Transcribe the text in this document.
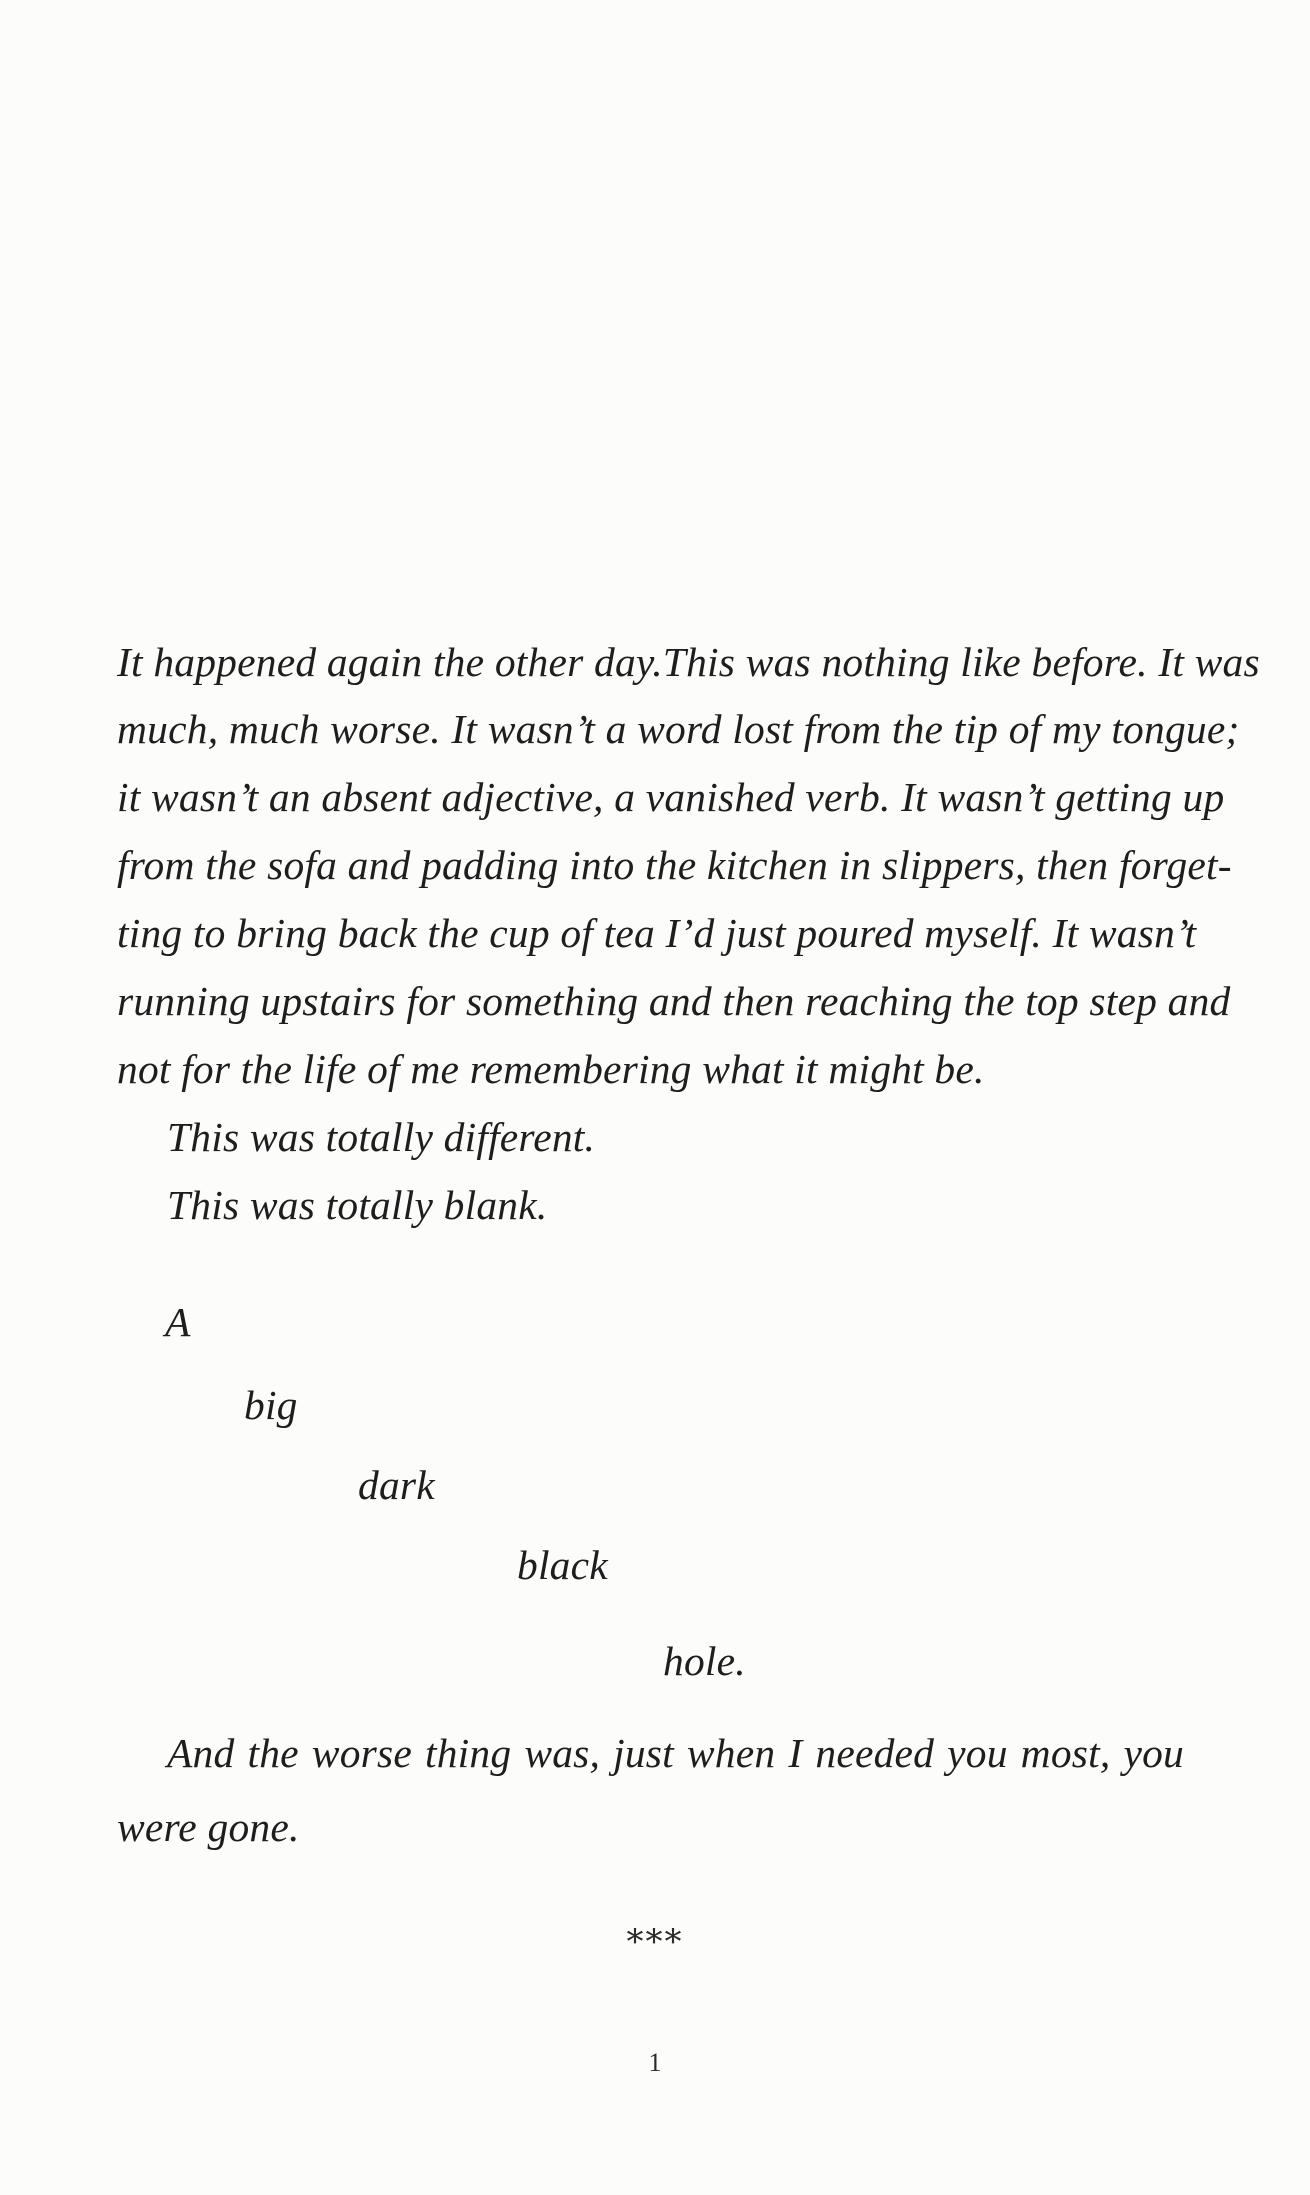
It happened again the other day.This was nothing like before. It was
much, much worse. It wasn’t a word lost from the tip of my tongue;
it wasn’t an absent adjective, a vanished verb. It wasn’t getting up
from the sofa and padding into the kitchen in slippers, then forget-
ting to bring back the cup of tea I’d just poured myself. It wasn’t
running upstairs for something and then reaching the top step and
not for the life of me remembering what it might be.
This was totally different.
This was totally blank.
A
big
dark
black
hole.
And the worse thing was, just when I needed you most, you
were gone.
***
1
